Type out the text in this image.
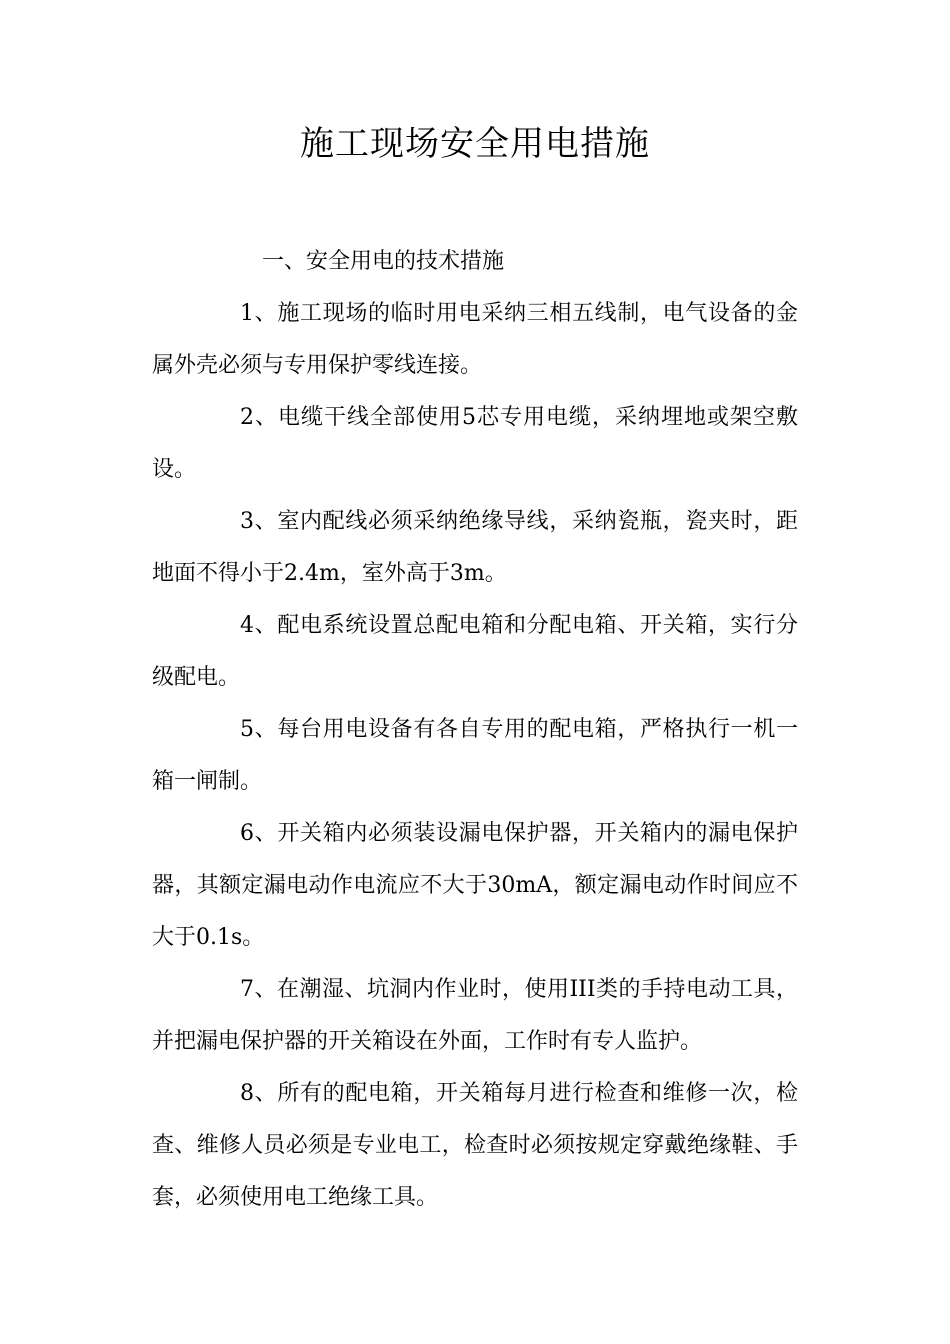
施工现场安全用电措施

一、安全用电的技术措施

1、施工现场的临时用电采纳三相五线制，电气设备的金属外壳必须与专用保护零线连接。

2、电缆干线全部使用5芯专用电缆，采纳埋地或架空敷设。

3、室内配线必须采纳绝缘导线，采纳瓷瓶，瓷夹时，距地面不得小于2.4m，室外高于3m。

4、配电系统设置总配电箱和分配电箱、开关箱，实行分级配电。

5、每台用电设备有各自专用的配电箱，严格执行一机一箱一闸制。

6、开关箱内必须装设漏电保护器，开关箱内的漏电保护器，其额定漏电动作电流应不大于30mA，额定漏电动作时间应不大于0.1s。

7、在潮湿、坑洞内作业时，使用III类的手持电动工具，并把漏电保护器的开关箱设在外面，工作时有专人监护。

8、所有的配电箱，开关箱每月进行检查和维修一次，检查、维修人员必须是专业电工，检查时必须按规定穿戴绝缘鞋、手套，必须使用电工绝缘工具。
